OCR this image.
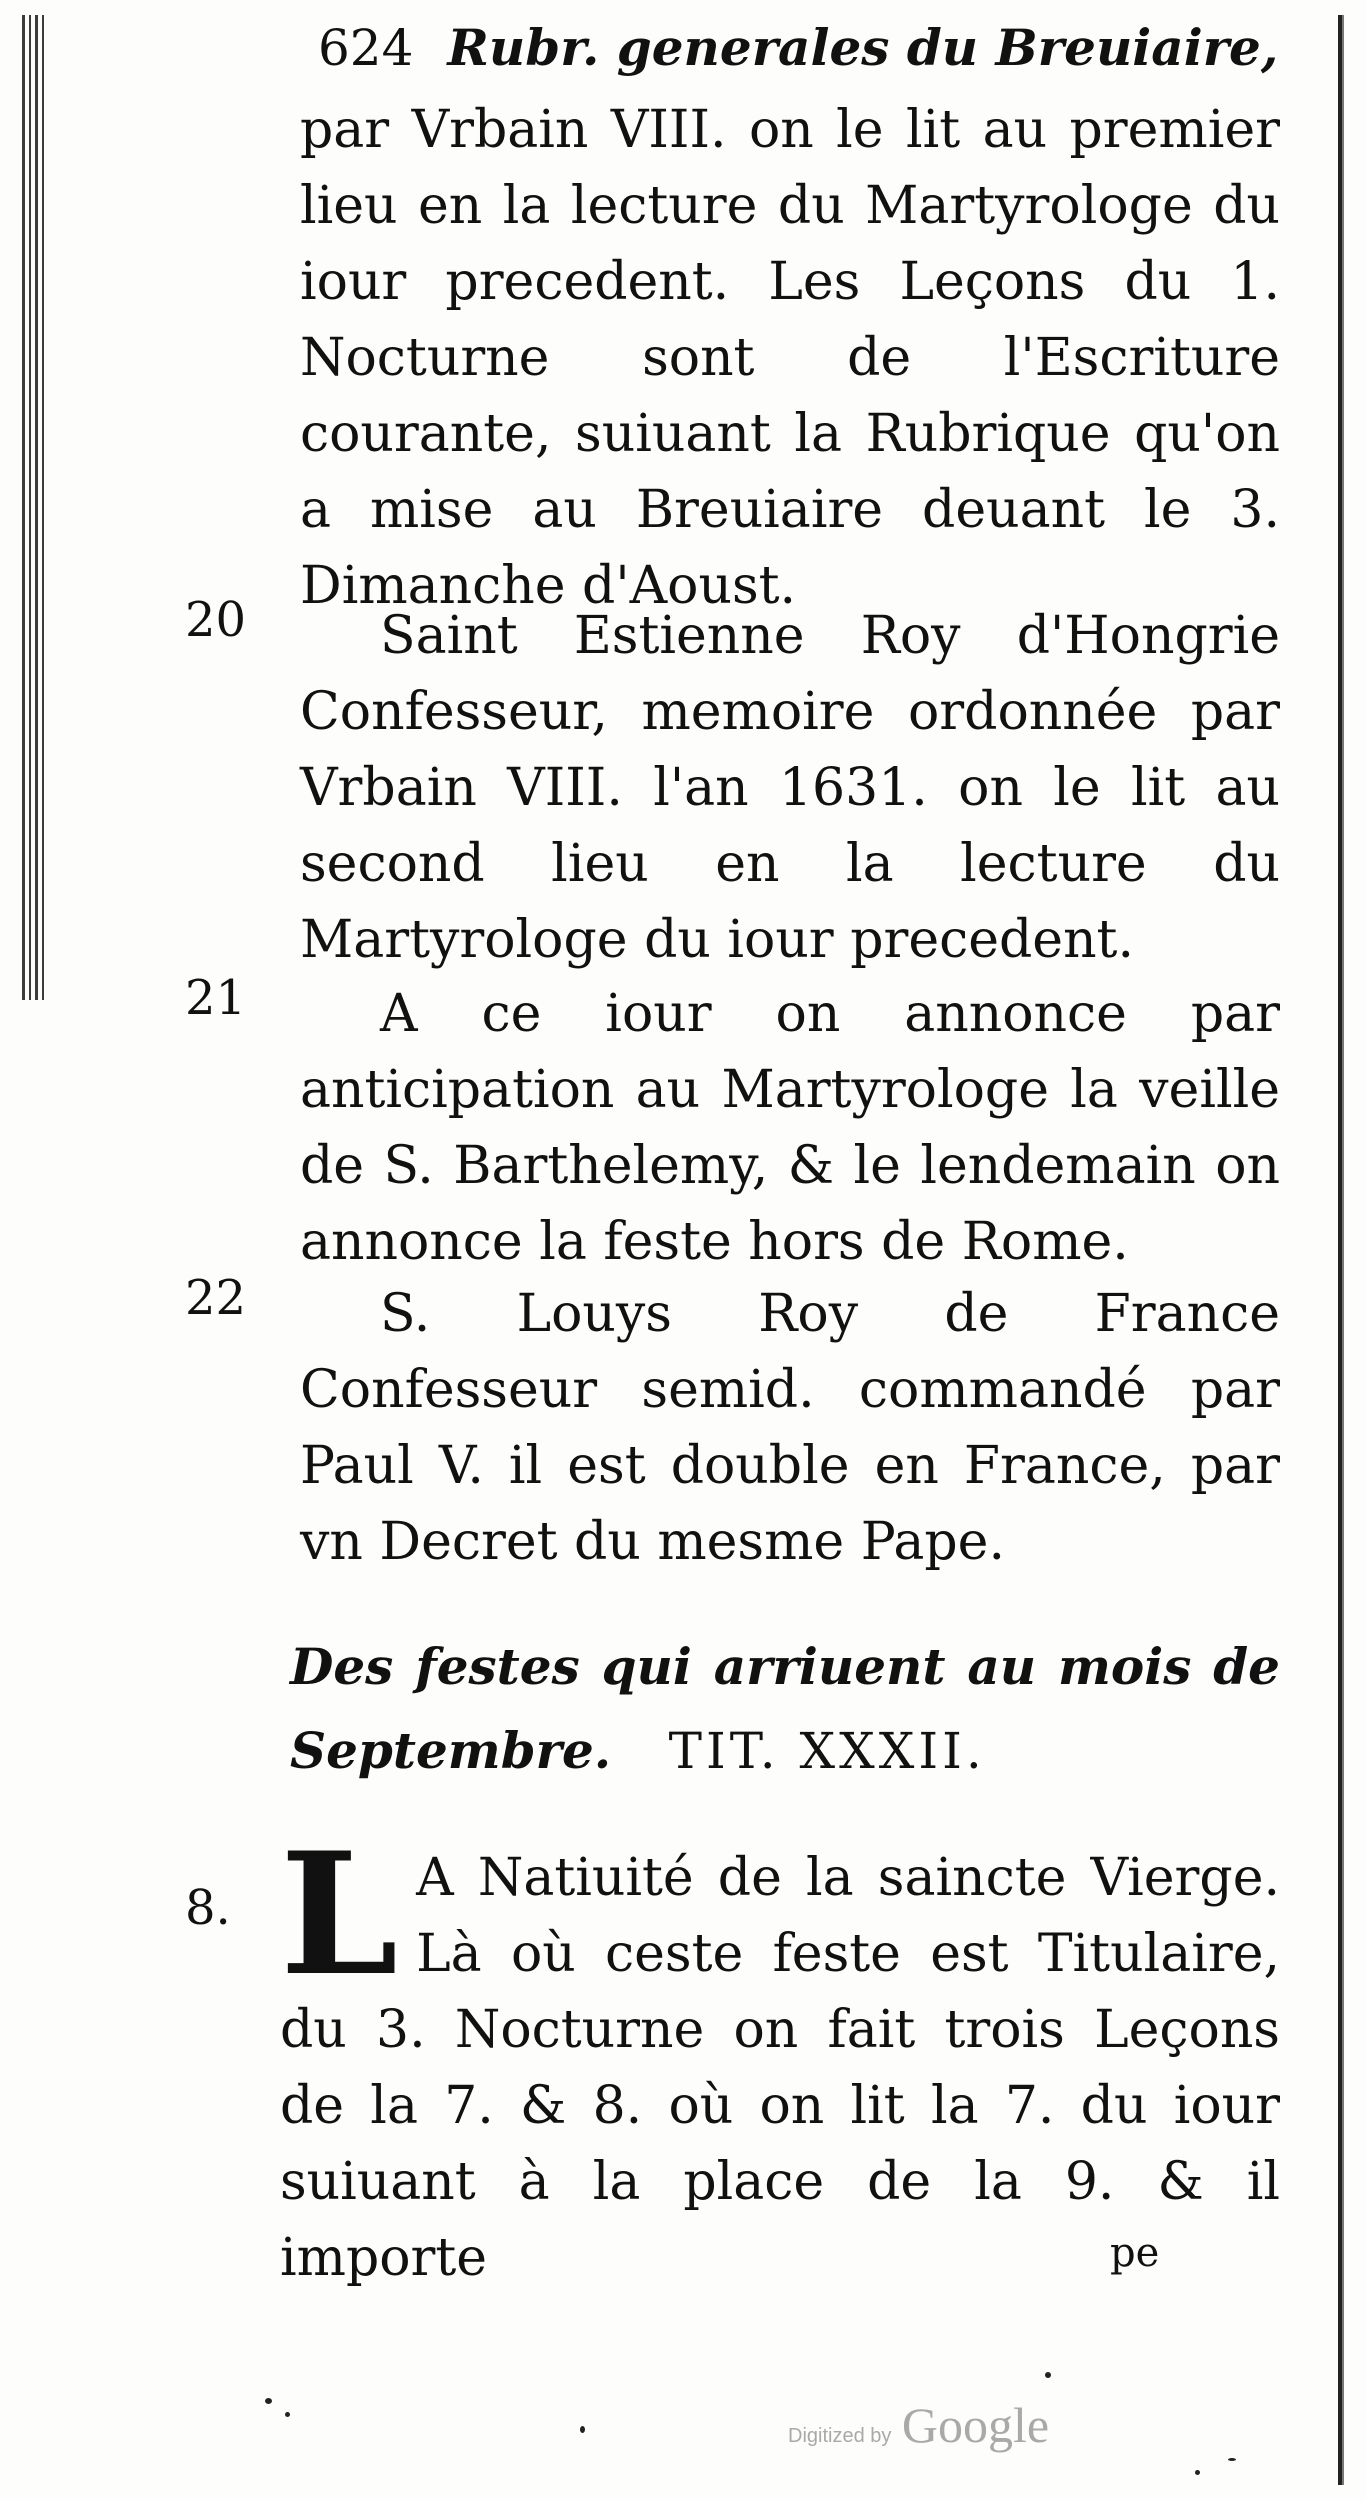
624 Rubr. generales du Breuiaire,
par Vrbain VIII. on le lit au premier lieu en la lecture du Martyrologe du iour precedent. Les Leçons du 1. Nocturne sont de l'Escriture courante, suiuant la Rubrique qu'on a mise au Breuiaire deuant le 3. Dimanche d'Aoust.
20	Saint Estienne Roy d'Hongrie Confesseur, memoire ordonnée par Vrbain VIII. l'an 1631. on le lit au second lieu en la lecture du Martyrologe du iour precedent.
21	A ce iour on annonce par anticipation au Martyrologe la veille de S. Barthelemy, & le lendemain on annonce la feste hors de Rome.
22	S. Louys Roy de France Confesseur semid. commandé par Paul V. il est double en France, par vn Decret du mesme Pape.
Des festes qui arriuent au mois de Septembre. TIT. XXXII.
8. L A Natiuité de la saincte Vierge. Là où ceste feste est Titulaire, du 3. Nocturne on fait trois Leçons de la 7. & 8. où on lit la 7. du iour suiuant à la place de la 9. & il importe	pe
Digitized by Google
